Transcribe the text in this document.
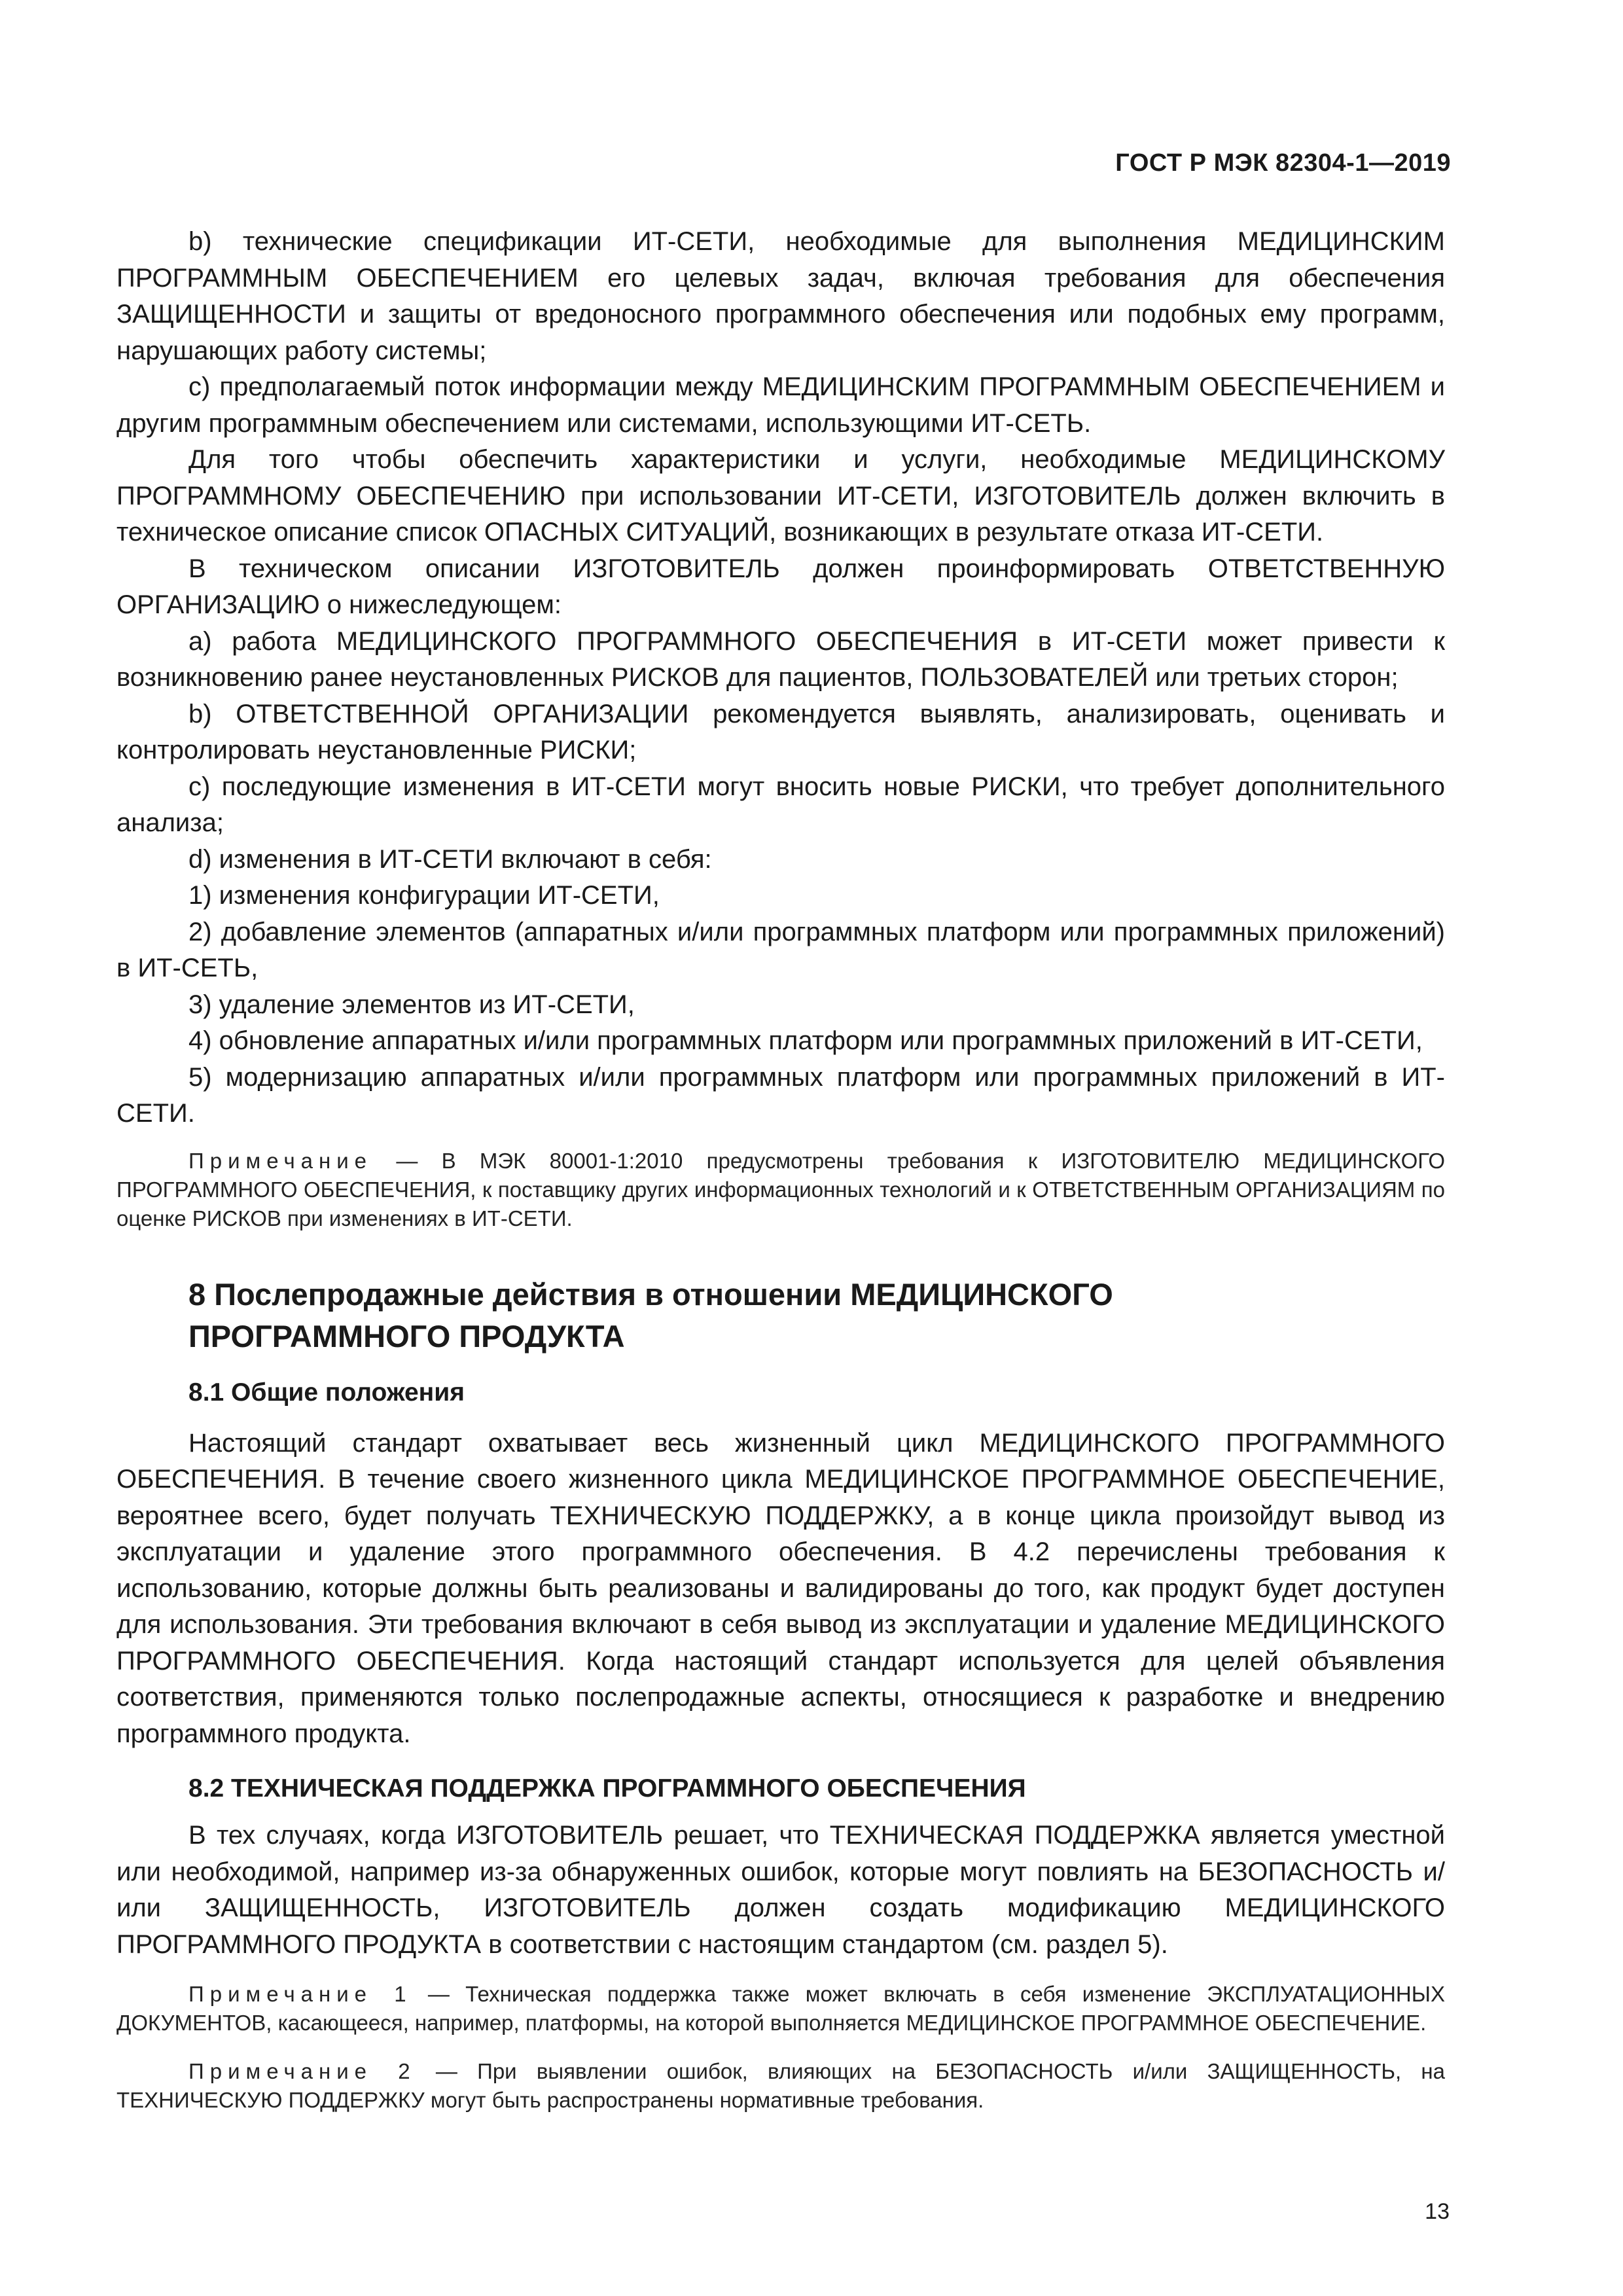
ГОСТ Р МЭК 82304-1—2019

b) технические спецификации ИТ-СЕТИ, необходимые для выполнения МЕДИЦИНСКИМ ПРОГРАММНЫМ ОБЕСПЕЧЕНИЕМ его целевых задач, включая требования для обеспечения ЗАЩИЩЕННОСТИ и защиты от вредоносного программного обеспечения или подобных ему программ, нарушающих работу системы;

c) предполагаемый поток информации между МЕДИЦИНСКИМ ПРОГРАММНЫМ ОБЕСПЕЧЕНИЕМ и другим программным обеспечением или системами, использующими ИТ-СЕТЬ.

Для того чтобы обеспечить характеристики и услуги, необходимые МЕДИЦИНСКОМУ ПРОГРАММНОМУ ОБЕСПЕЧЕНИЮ при использовании ИТ-СЕТИ, ИЗГОТОВИТЕЛЬ должен включить в техническое описание список ОПАСНЫХ СИТУАЦИЙ, возникающих в результате отказа ИТ-СЕТИ.

В техническом описании ИЗГОТОВИТЕЛЬ должен проинформировать ОТВЕТСТВЕННУЮ ОРГАНИЗАЦИЮ о нижеследующем:

a) работа МЕДИЦИНСКОГО ПРОГРАММНОГО ОБЕСПЕЧЕНИЯ в ИТ-СЕТИ может привести к возникновению ранее неустановленных РИСКОВ для пациентов, ПОЛЬЗОВАТЕЛЕЙ или третьих сторон;

b) ОТВЕТСТВЕННОЙ ОРГАНИЗАЦИИ рекомендуется выявлять, анализировать, оценивать и контролировать неустановленные РИСКИ;

c) последующие изменения в ИТ-СЕТИ могут вносить новые РИСКИ, что требует дополнительного анализа;

d) изменения в ИТ-СЕТИ включают в себя:

1) изменения конфигурации ИТ-СЕТИ,

2) добавление элементов (аппаратных и/или программных платформ или программных приложений) в ИТ-СЕТЬ,

3) удаление элементов из ИТ-СЕТИ,

4) обновление аппаратных и/или программных платформ или программных приложений в ИТ-СЕТИ,

5) модернизацию аппаратных и/или программных платформ или программных приложений в ИТ-СЕТИ.

Примечание — В МЭК 80001-1:2010 предусмотрены требования к ИЗГОТОВИТЕЛЮ МЕДИЦИНСКОГО ПРОГРАММНОГО ОБЕСПЕЧЕНИЯ, к поставщику других информационных технологий и к ОТВЕТСТВЕННЫМ ОРГАНИЗАЦИЯМ по оценке РИСКОВ при изменениях в ИТ-СЕТИ.

8 Послепродажные действия в отношении МЕДИЦИНСКОГО

ПРОГРАММНОГО ПРОДУКТА

8.1 Общие положения

Настоящий стандарт охватывает весь жизненный цикл МЕДИЦИНСКОГО ПРОГРАММНОГО ОБЕСПЕЧЕНИЯ. В течение своего жизненного цикла МЕДИЦИНСКОЕ ПРОГРАММНОЕ ОБЕСПЕЧЕНИЕ, вероятнее всего, будет получать ТЕХНИЧЕСКУЮ ПОДДЕРЖКУ, а в конце цикла произойдут вывод из эксплуатации и удаление этого программного обеспечения. В 4.2 перечислены требования к использованию, которые должны быть реализованы и валидированы до того, как продукт будет доступен для использования. Эти требования включают в себя вывод из эксплуатации и удаление МЕДИЦИНСКОГО ПРОГРАММНОГО ОБЕСПЕЧЕНИЯ. Когда настоящий стандарт используется для целей объявления соответствия, применяются только послепродажные аспекты, относящиеся к разработке и внедрению программного продукта.

8.2 ТЕХНИЧЕСКАЯ ПОДДЕРЖКА ПРОГРАММНОГО ОБЕСПЕЧЕНИЯ

В тех случаях, когда ИЗГОТОВИТЕЛЬ решает, что ТЕХНИЧЕСКАЯ ПОДДЕРЖКА является уместной или необходимой, например из-за обнаруженных ошибок, которые могут повлиять на БЕЗОПАСНОСТЬ и/или ЗАЩИЩЕННОСТЬ, ИЗГОТОВИТЕЛЬ должен создать модификацию МЕДИЦИНСКОГО ПРОГРАММНОГО ПРОДУКТА в соответствии с настоящим стандартом (см. раздел 5).

Примечание 1 — Техническая поддержка также может включать в себя изменение ЭКСПЛУАТАЦИОННЫХ ДОКУМЕНТОВ, касающееся, например, платформы, на которой выполняется МЕДИЦИНСКОЕ ПРОГРАММНОЕ ОБЕСПЕЧЕНИЕ.

Примечание 2 — При выявлении ошибок, влияющих на БЕЗОПАСНОСТЬ и/или ЗАЩИЩЕННОСТЬ, на ТЕХНИЧЕСКУЮ ПОДДЕРЖКУ могут быть распространены нормативные требования.

13
